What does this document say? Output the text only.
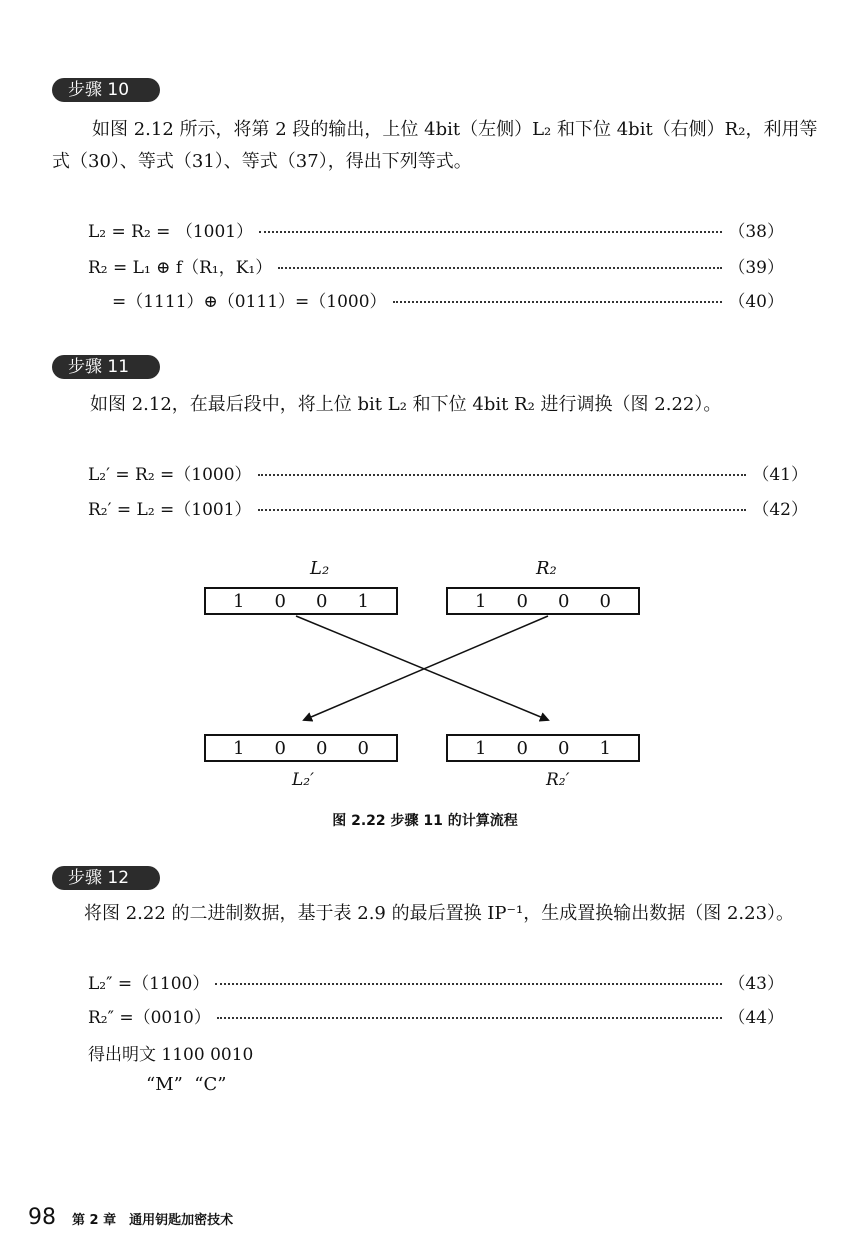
步骤 10
如图 2.12 所示，将第 2 段的输出，上位 4bit（左侧）L₂ 和下位 4bit（右侧）R₂，利用等式（30）、等式（31）、等式（37），得出下列等式。
L₂ = R₂ = （1001）	（38）
R₂ = L₁ ⊕ f（R₁，K₁）	（39）
=（1111）⊕（0111）=（1000）	（40）
步骤 11
如图 2.12，在最后段中，将上位 bit L₂ 和下位 4bit R₂ 进行调换（图 2.22）。
L₂′ = R₂ =（1000）	（41）
R₂′ = L₂ =（1001）	（42）
L₂	R₂
1 0 0 1	1 0 0 0
1 0 0 0	1 0 0 1
L₂′	R₂′
图 2.22 步骤 11 的计算流程
步骤 12
将图 2.22 的二进制数据，基于表 2.9 的最后置换 IP⁻¹，生成置换输出数据（图 2.23）。
L₂″ =（1100）	（43）
R₂″ =（0010）	（44）
得出明文 1100 0010
“M”  “C”
98 第 2 章　通用钥匙加密技术
